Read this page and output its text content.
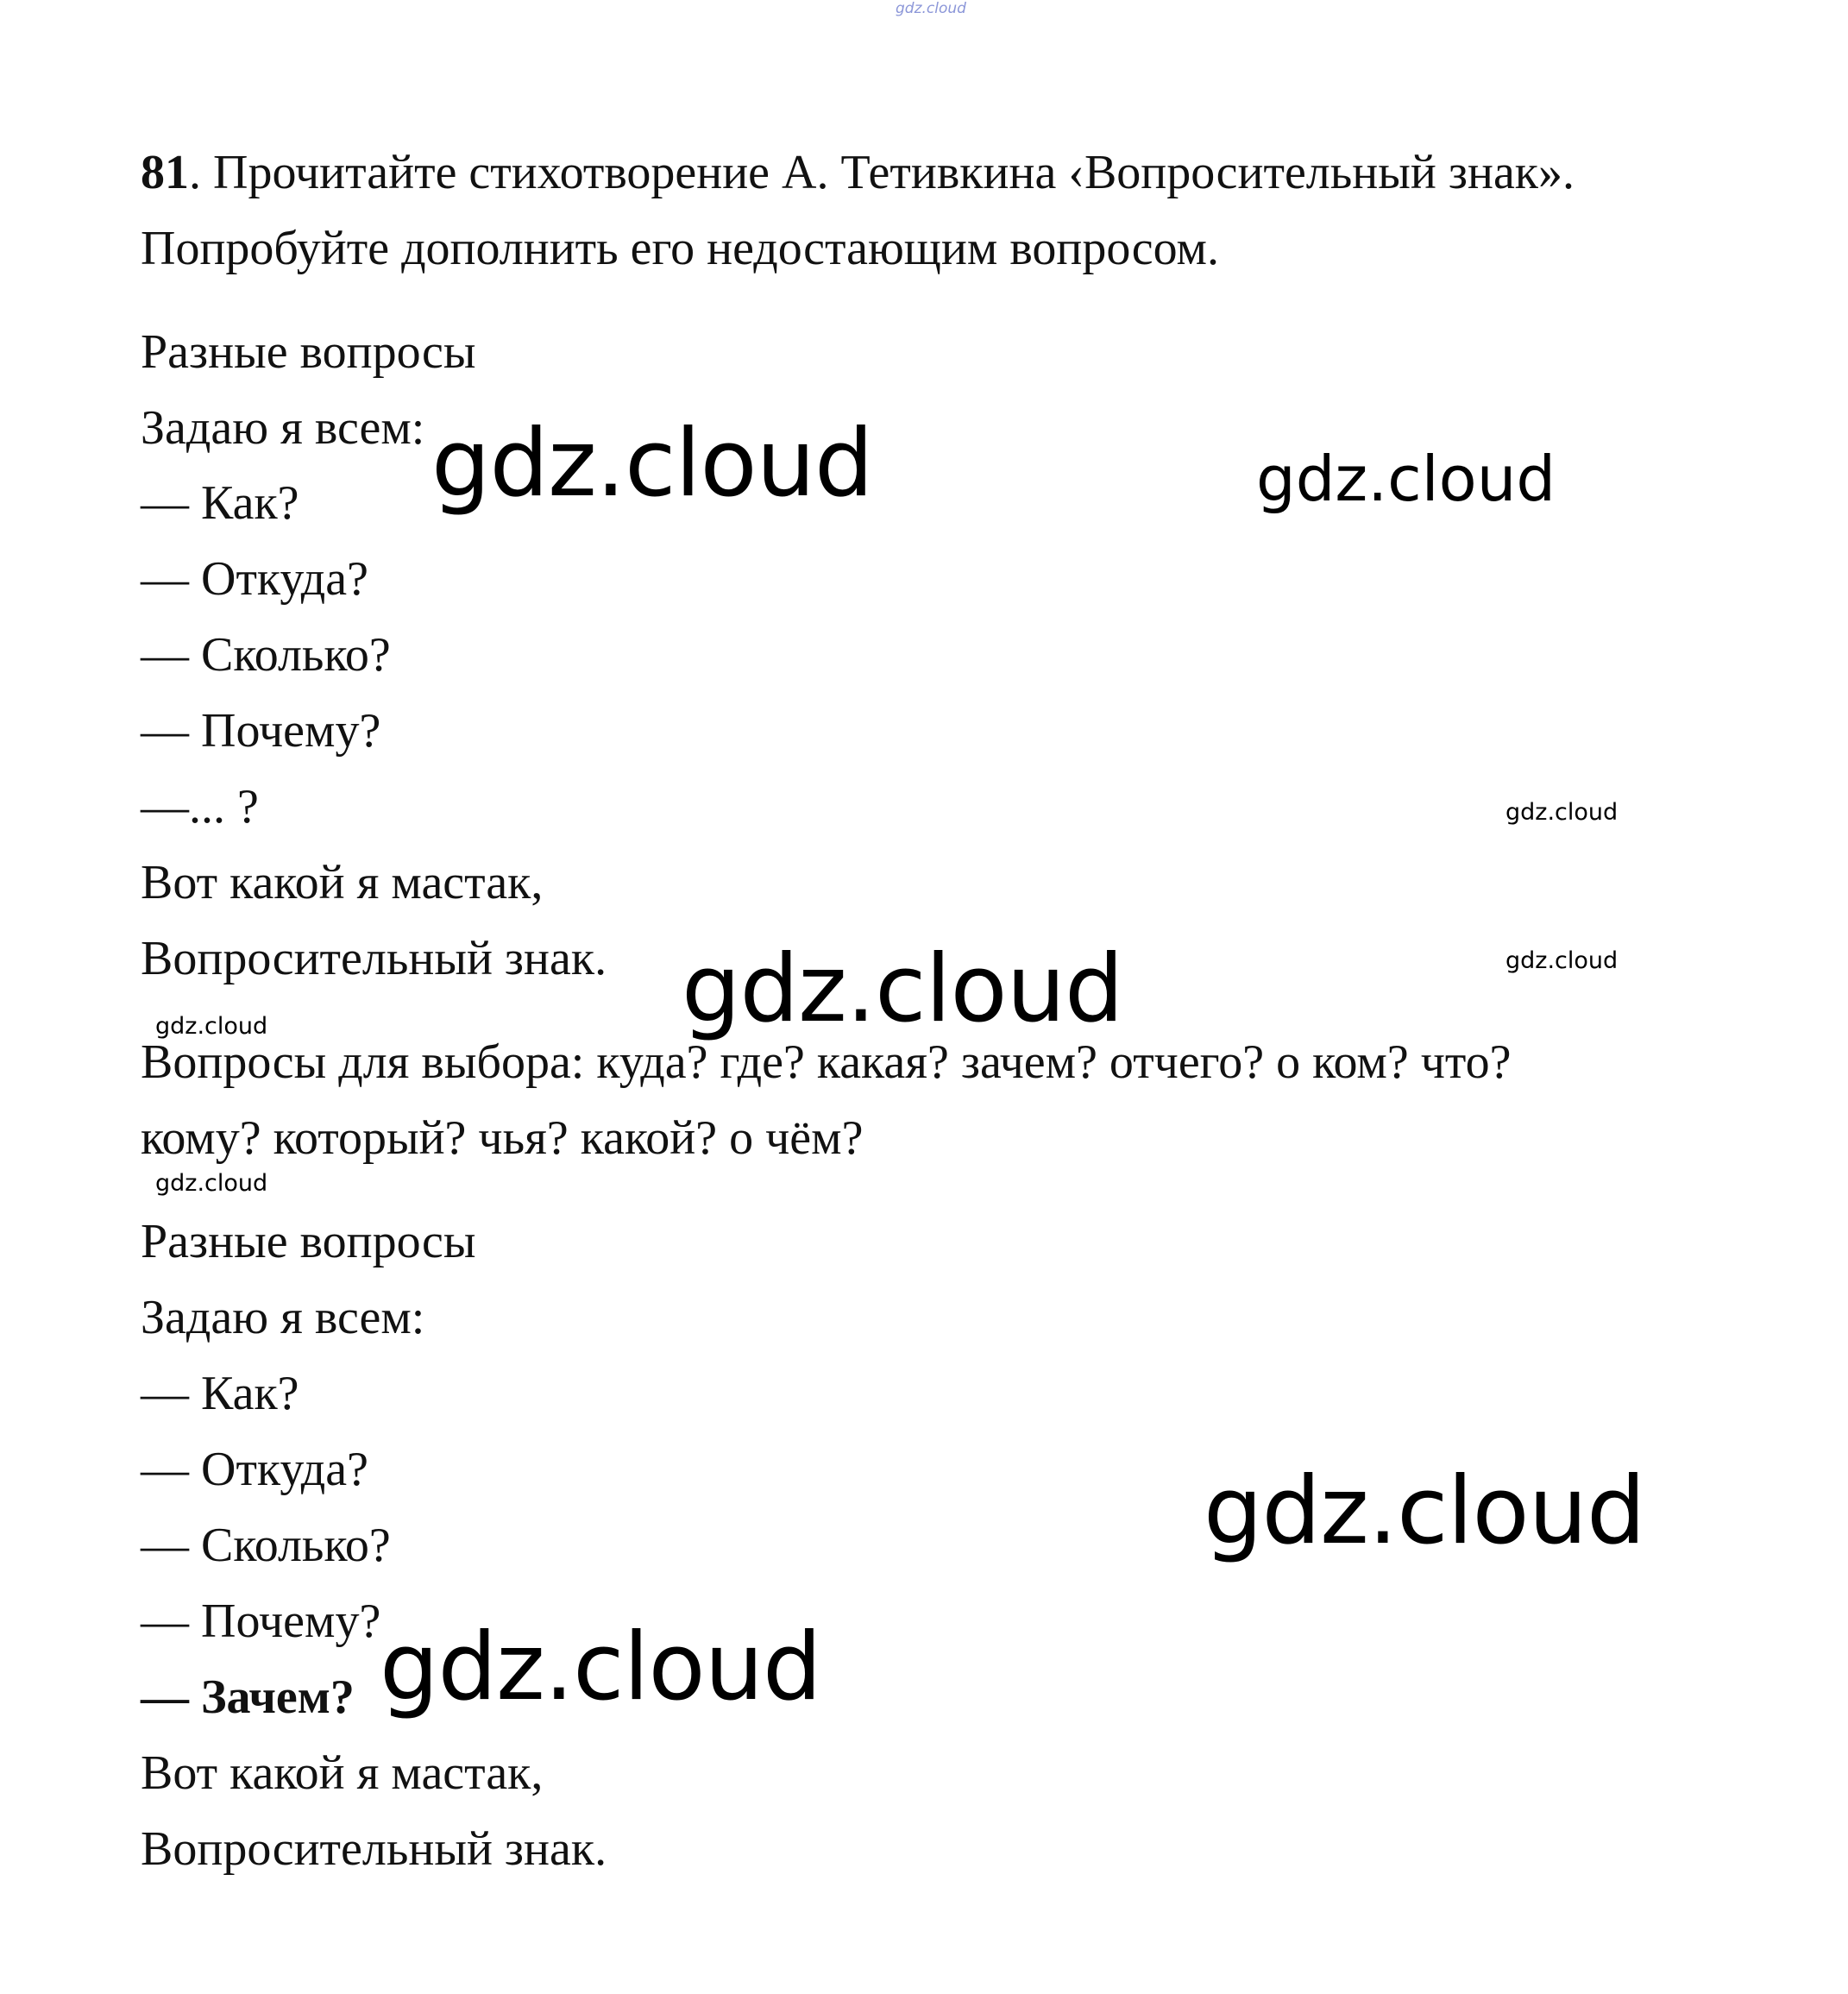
gdz.cloud
gdz.cloud	gdz.cloud
gdz.cloud
gdz.cloud	gdz.cloud
gdz.cloud
gdz.cloud
gdz.cloud
gdz.cloud
81. Прочитайте стихотворение А. Тетивкина ‹Вопросительный знак».
Попробуйте дополнить его недостающим вопросом.
Разные вопросы
Задаю я всем:
— Как?
— Откуда?
— Сколько?
— Почему?
—... ?
Вот какой я мастак,
Вопросительный знак.
Вопросы для выбора: куда? где? какая? зачем? отчего? о ком? что?
кому? который? чья? какой? о чём?
Разные вопросы
Задаю я всем:
— Как?
— Откуда?
— Сколько?
— Почему?
— Зачем?
Вот какой я мастак,
Вопросительный знак.
